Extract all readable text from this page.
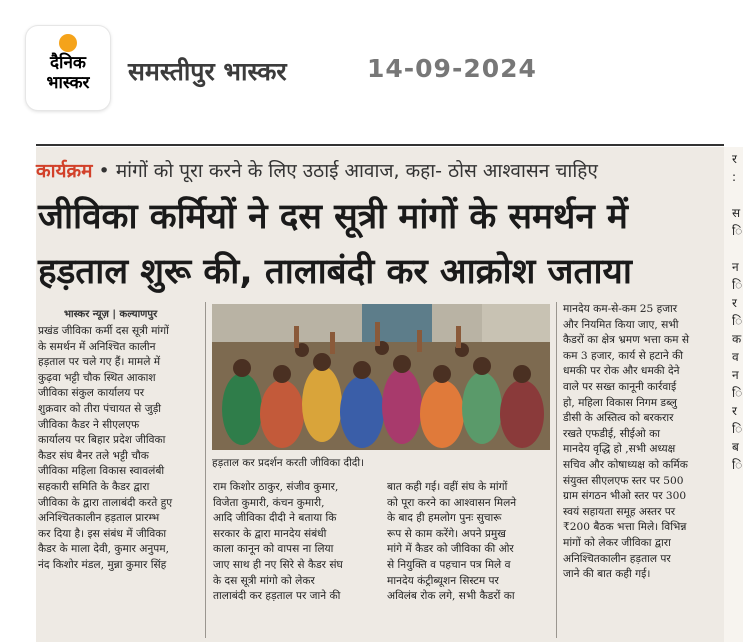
दैनिक
भास्कर	समस्तीपुर भास्कर	14-09-2024
कार्यक्रम • मांगों को पूरा करने के लिए उठाई आवाज, कहा- ठोस आश्वासन चाहिए
जीविका कर्मियों ने दस सूत्री मांगों के समर्थन में
हड़ताल शुरू की, तालाबंदी कर आक्रोश जताया
भास्कर न्यूज़ | कल्याणपुर
प्रखंड जीविका कर्मी दस सूत्री मांगों
के समर्थन में अनिश्चित कालीन
हड़ताल पर चले गए हैं। मामले में
कुढ़वा भट्टी चौक स्थित आकाश
जीविका संकुल कार्यालय पर
शुक्रवार को तीरा पंचायत से जुड़ी
जीविका कैडर ने सीएलएफ
कार्यालय पर बिहार प्रदेश जीविका
कैडर संघ बैनर तले भट्टी चौक
जीविका महिला विकास स्वावलंबी
सहकारी समिति के कैडर द्वारा
जीविका के द्वारा तालाबंदी करते हुए
अनिश्चितकालीन हड़ताल प्रारम्भ
कर दिया है। इस संबंध में जीविका
कैडर के माला देवी, कुमार अनुपम,
नंद किशोर मंडल, मुन्ना कुमार सिंह
हड़ताल कर प्रदर्शन करती जीविका दीदी।
राम किशोर ठाकुर, संजीव कुमार,
विजेता कुमारी, कंचन कुमारी,
आदि जीविका दीदी ने बताया कि
सरकार के द्वारा मानदेय संबंधी
काला कानून को वापस ना लिया
जाए साथ ही नए सिरे से कैडर संघ
के दस सूत्री मांगो को लेकर
तालाबंदी कर हड़ताल पर जाने की
बात कही गई। वहीं संघ के मांगों
को पूरा करने का आश्वासन मिलने
के बाद ही हमलोग पुनः सुचारू
रूप से काम करेंगे। अपने प्रमुख
मांगे में कैडर को जीविका की ओर
से नियुक्ति व पहचान पत्र मिले व
मानदेय कंट्रीब्यूशन सिस्टम पर
अविलंब रोक लगे, सभी कैडरों का
मानदेय कम-से-कम 25 हजार
और नियमित किया जाए, सभी
कैडरों का क्षेत्र भ्रमण भत्ता कम से
कम 3 हजार, कार्य से हटाने की
धमकी पर रोक और धमकी देने
वाले पर सख्त कानूनी कार्रवाई
हो, महिला विकास निगम डब्लु
डीसी के अस्तित्व को बरकरार
रखते एफडीई, सीईओ का
मानदेय वृद्धि हो ,सभी अध्यक्ष
सचिव और कोषाध्यक्ष को कर्मिक
संयुक्त सीएलएफ स्तर पर 500
ग्राम संगठन भीओ स्तर पर 300
स्वयं सहायता समूह अस्तर पर
₹200 बैठक भत्ता मिले। विभिन्न
मांगों को लेकर जीविका द्वारा
अनिश्चितकालीन हड़ताल पर
जाने की बात कही गई।
र
:

स
ि

न
ि
र
ि
क
व
न
ि
र
ि
ब
ि
